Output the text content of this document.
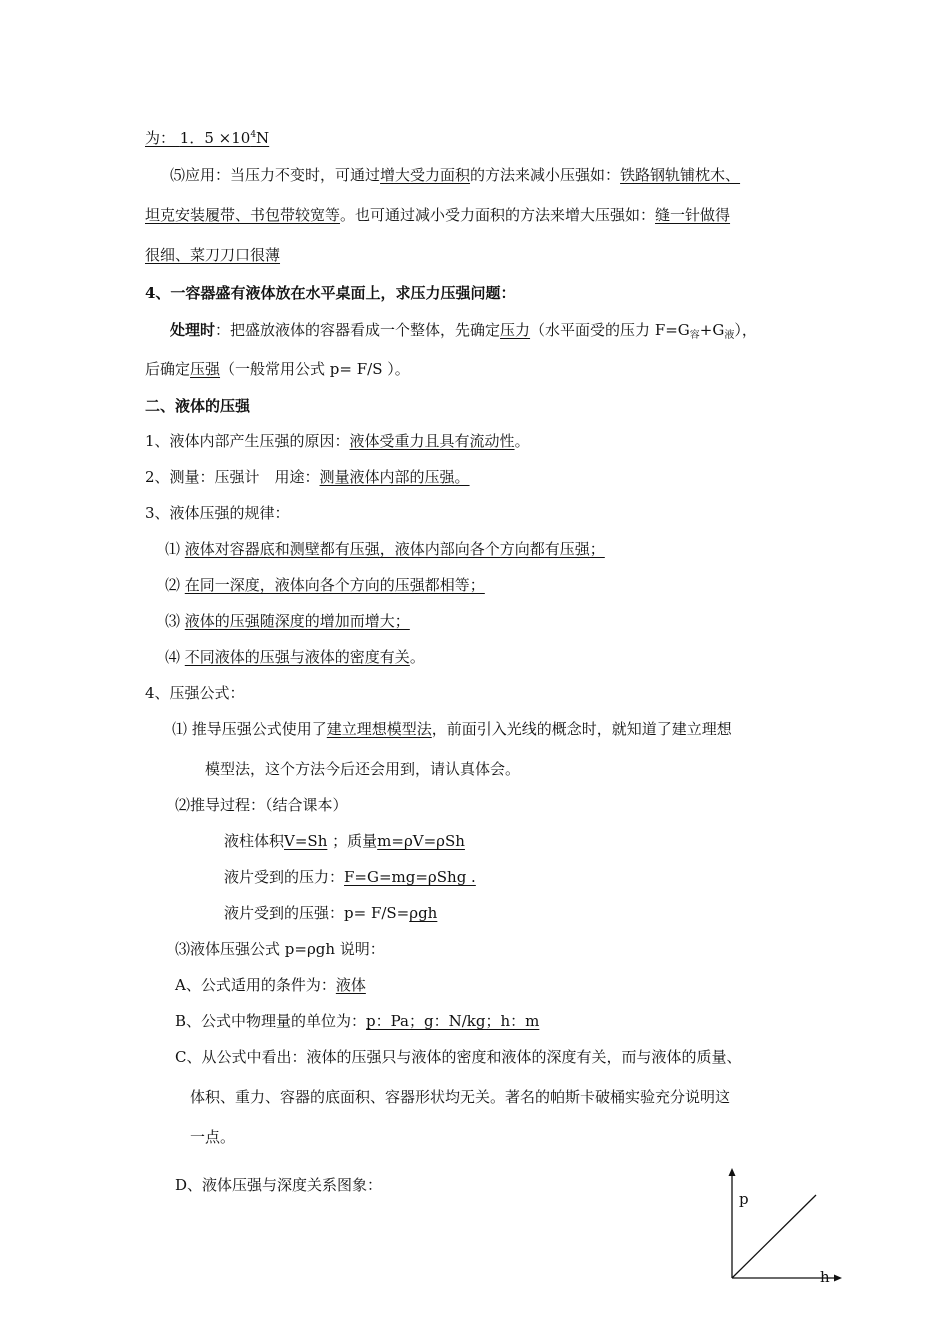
为： 1．$5 \times 10^4N$
⑸应用：当压力不变时，可通过增大受力面积的方法来减小压强如：铁路钢轨铺枕木、
坦克安装履带、书包带较宽等。也可通过减小受力面积的方法来增大压强如：缝一针做得
很细、菜刀刀口很薄
4、一容器盛有液体放在水平桌面上，求压力压强问题：
处理时：把盛放液体的容器看成一个整体，先确定压力（水平面受的压力 $F=G_容+G_液$），
后确定压强（一般常用公式 p= F/S ）。
二、液体的压强
1、液体内部产生压强的原因：液体受重力且具有流动性。
2、测量：压强计　用途：测量液体内部的压强。
3、液体压强的规律：
⑴ 液体对容器底和测壁都有压强，液体内部向各个方向都有压强；
⑵ 在同一深度，液体向各个方向的压强都相等；
⑶ 液体的压强随深度的增加而增大；
⑷ 不同液体的压强与液体的密度有关。
4、压强公式：
⑴ 推导压强公式使用了建立理想模型法，前面引入光线的概念时，就知道了建立理想
模型法，这个方法今后还会用到，请认真体会。
⑵推导过程：（结合课本）
液柱体积V=Sh ；质量m=ρV=ρSh
液片受到的压力：F=G=mg=ρShg .
液片受到的压强：p= F/S=ρgh
⑶液体压强公式 p=ρgh 说明：
A、公式适用的条件为：液体
B、公式中物理量的单位为：p：Pa；g：N/kg；h：m
C、从公式中看出：液体的压强只与液体的密度和液体的深度有关，而与液体的质量、
体积、重力、容器的底面积、容器形状均无关。著名的帕斯卡破桶实验充分说明这
一点。
D、液体压强与深度关系图象：
p
h
